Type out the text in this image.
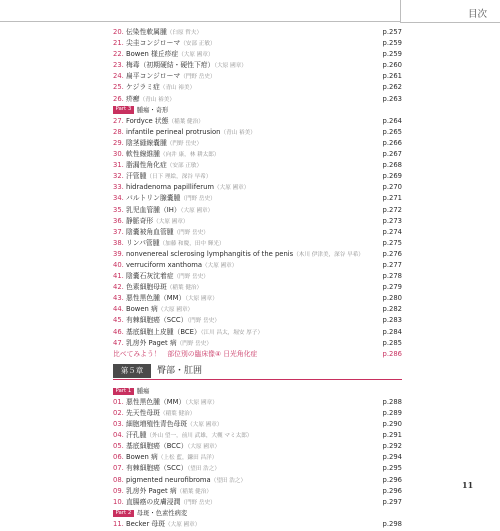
目次
20. 伝染性軟属腫（臼原 哲夫）	p.257
21. 尖圭コンジローマ（安部 正敏）	p.259
22. Bowen 様丘疹症（大原 國章）	p.259
23. 梅毒（初期硬結・硬性下疳）（大原 國章）	p.260
24. 扁平コンジローマ（門野 岳史）	p.261
25. ケジラミ症（青山 裕美）	p.262
26. 疥癬（青山 裕美）	p.263
Part 3 腫瘍・奇形
27. Fordyce 状態（稲葉 健治）	p.264
28. infantile perineal protrusion（青山 裕美）	p.265
29. 陰茎縫線嚢腫（門野 岳史）	p.266
30. 軟性線維腫（向井 康，林 耕太郎）	p.267
31. 脂漏性角化症（安部 正敏）	p.268
32. 汗管腫（日下 理絵，深谷 早希）	p.269
33. hidradenoma papilliferum（大原 國章）	p.270
34. バルトリン腺嚢腫（門野 岳史）	p.271
35. 乳児血管腫（IH）（大原 國章）	p.272
36. 静脈奇形（大原 國章）	p.273
37. 陰嚢被角血管腫（門野 岳史）	p.274
38. リンパ管腫（加藤 和慶，田中 輝光）	p.275
39. nonvenereal sclerosing lymphangitis of the penis（木川 伊津美，深谷 早希）	p.276
40. verruciform xanthoma（大原 國章）	p.277
41. 陰嚢石灰沈着症（門野 岳史）	p.278
42. 色素細胞母斑（稲葉 健治）	p.279
43. 悪性黒色腫（MM）（大原 國章）	p.280
44. Bowen 病（大原 國章）	p.282
45. 有棘細胞癌（SCC）（門野 岳史）	p.283
46. 基底細胞上皮腫（BCE）（江川 昌太，堀安 厚子）	p.284
47. 乳房外 Paget 病（門野 岳史）	p.285
比べてみよう！　部位別の臨床像④ 日光角化症	p.286
第５章	臀部・肛囲
Part 1 腫瘍
01. 悪性黒色腫（MM）（大原 國章）	p.288
02. 先天性母斑（稲葉 健治）	p.289
03. 細胞増殖性青色母斑（大原 國章）	p.290
04. 汗孔腫（外山 望一，前川 武雄，大槻 マミ太郎）	p.291
05. 基底細胞癌（BCC）（大原 國章）	p.292
06. Bowen 病（上松 藍，鎌田 昌洋）	p.294
07. 有棘細胞癌（SCC）（望田 浩之）	p.295
08. pigmented neurofibroma（望田 浩之）	p.296
09. 乳房外 Paget 病（稲葉 健治）	p.296
10. 直腸癌の皮膚浸潤（門野 岳史）	p.297
Part 2 母斑・色素性病変
11. Becker 母斑（大原 國章）	p.298
11
